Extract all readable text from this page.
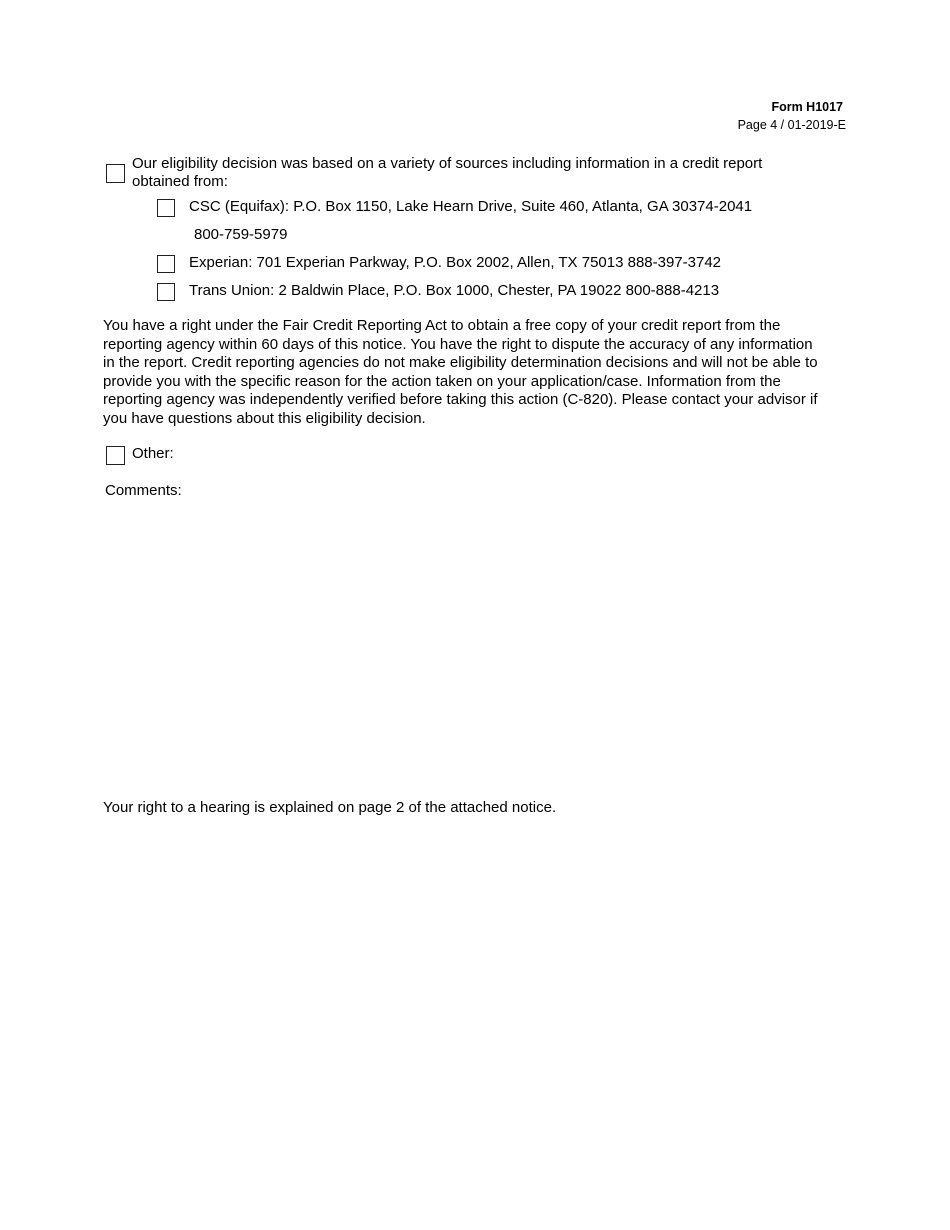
Form H1017
Page 4 / 01-2019-E
Our eligibility decision was based on a variety of sources including information in a credit report
obtained from:
CSC (Equifax): P.O. Box 1150, Lake Hearn Drive, Suite 460, Atlanta, GA 30374-2041
800-759-5979
Experian: 701 Experian Parkway, P.O. Box 2002, Allen, TX 75013 888-397-3742
Trans Union: 2 Baldwin Place, P.O. Box 1000, Chester, PA 19022 800-888-4213
You have a right under the Fair Credit Reporting Act to obtain a free copy of your credit report from the
reporting agency within 60 days of this notice. You have the right to dispute the accuracy of any information
in the report. Credit reporting agencies do not make eligibility determination decisions and will not be able to
provide you with the specific reason for the action taken on your application/case. Information from the
reporting agency was independently verified before taking this action (C-820). Please contact your advisor if
you have questions about this eligibility decision.
Other:
Comments:
Your right to a hearing is explained on page 2 of the attached notice.
